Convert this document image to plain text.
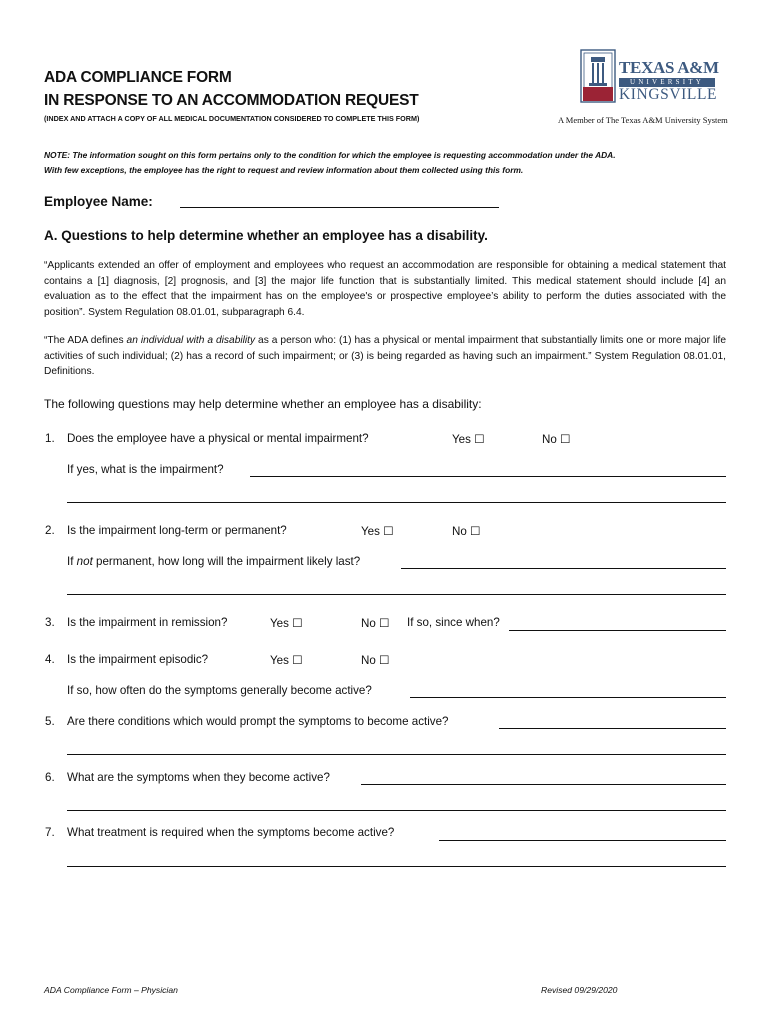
ADA COMPLIANCE FORM
IN RESPONSE TO AN ACCOMMODATION REQUEST
(INDEX AND ATTACH A COPY OF ALL MEDICAL DOCUMENTATION CONSIDERED TO COMPLETE THIS FORM)
TEXAS A&M
UNIVERSITY
KINGSVILLE
A Member of The Texas A&M University System
NOTE: The information sought on this form pertains only to the condition for which the employee is requesting accommodation under the ADA.
With few exceptions, the employee has the right to request and review information about them collected using this form.
Employee Name:
A. Questions to help determine whether an employee has a disability.
“Applicants extended an offer of employment and employees who request an accommodation are responsible for obtaining a medical statement that contains a [1] diagnosis, [2] prognosis, and [3] the major life function that is substantially limited. This medical statement should include [4] an evaluation as to the effect that the impairment has on the employee's or prospective employee’s ability to perform the duties associated with the position”. System Regulation 08.01.01, subparagraph 6.4.
“The ADA defines an individual with a disability as a person who: (1) has a physical or mental impairment that substantially limits one or more major life activities of such individual; (2) has a record of such impairment; or (3) is being regarded as having such an impairment.” System Regulation 08.01.01, Definitions.
The following questions may help determine whether an employee has a disability:
1. Does the employee have a physical or mental impairment?	Yes ☐	No ☐
If yes, what is the impairment?
2. Is the impairment long-term or permanent?	Yes ☐	No ☐
If not permanent, how long will the impairment likely last?
3. Is the impairment in remission?	Yes ☐	No ☐ If so, since when?
4. Is the impairment episodic?	Yes ☐	No ☐
If so, how often do the symptoms generally become active?
5. Are there conditions which would prompt the symptoms to become active?
6. What are the symptoms when they become active?
7. What treatment is required when the symptoms become active?
ADA Compliance Form – Physician	Revised 09/29/2020
